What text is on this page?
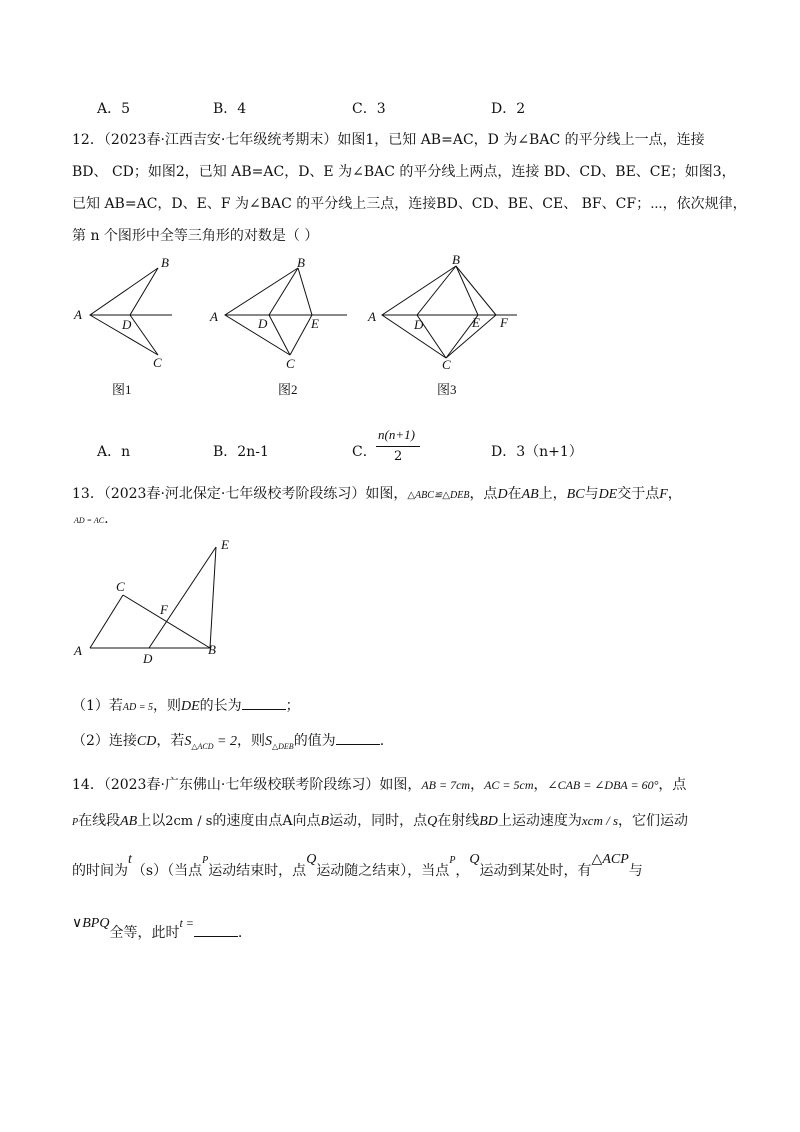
A．5	B．4	C．3	D．2
12．（2023春·江西吉安·七年级统考期末）如图1，已知 AB=AC，D 为∠BAC 的平分线上一点，连接
BD、 CD；如图2，已知 AB=AC，D、E 为∠BAC 的平分线上两点，连接 BD、CD、BE、CE；如图3，
已知 AB=AC，D、E、F 为∠BAC 的平分线上三点，连接BD、CD、BE、CE、 BF、CF；⋯，依次规律，
第 n 个图形中全等三角形的对数是（ ）
A
B
D
C
图1
A
B
D	E
C
图2
A
B
D	E F
C
图3
A．n	B．2n-1	C．
n(n+1)
2	D．3（n+1）
13．（2023春·河北保定·七年级校考阶段练习）如图，△ABC≌△DEB，点D在AB上，BC与DE交于点F，
AD = AC.
A
C
F
E
B
D
（1）若AD = 5，则DE的长为	；
（2）连接CD，若$S_{\triangle ACD} = 2$，则$S_{\triangle DEB}$的值为	.
14．（2023春·广东佛山·七年级校联考阶段练习）如图，AB = 7cm，AC = 5cm，∠CAB = ∠DBA = 60°，点
P在线段AB上以2cm / s的速度由点A向点B运动，同时，点Q在射线BD上运动速度为xcm / s，它们运动
的时间为t（s）（当点$^P$运动结束时，点Q运动随之结束），当点$^P$，Q运动到某处时，有△ACP与
∨BPQ全等，此时t =.
